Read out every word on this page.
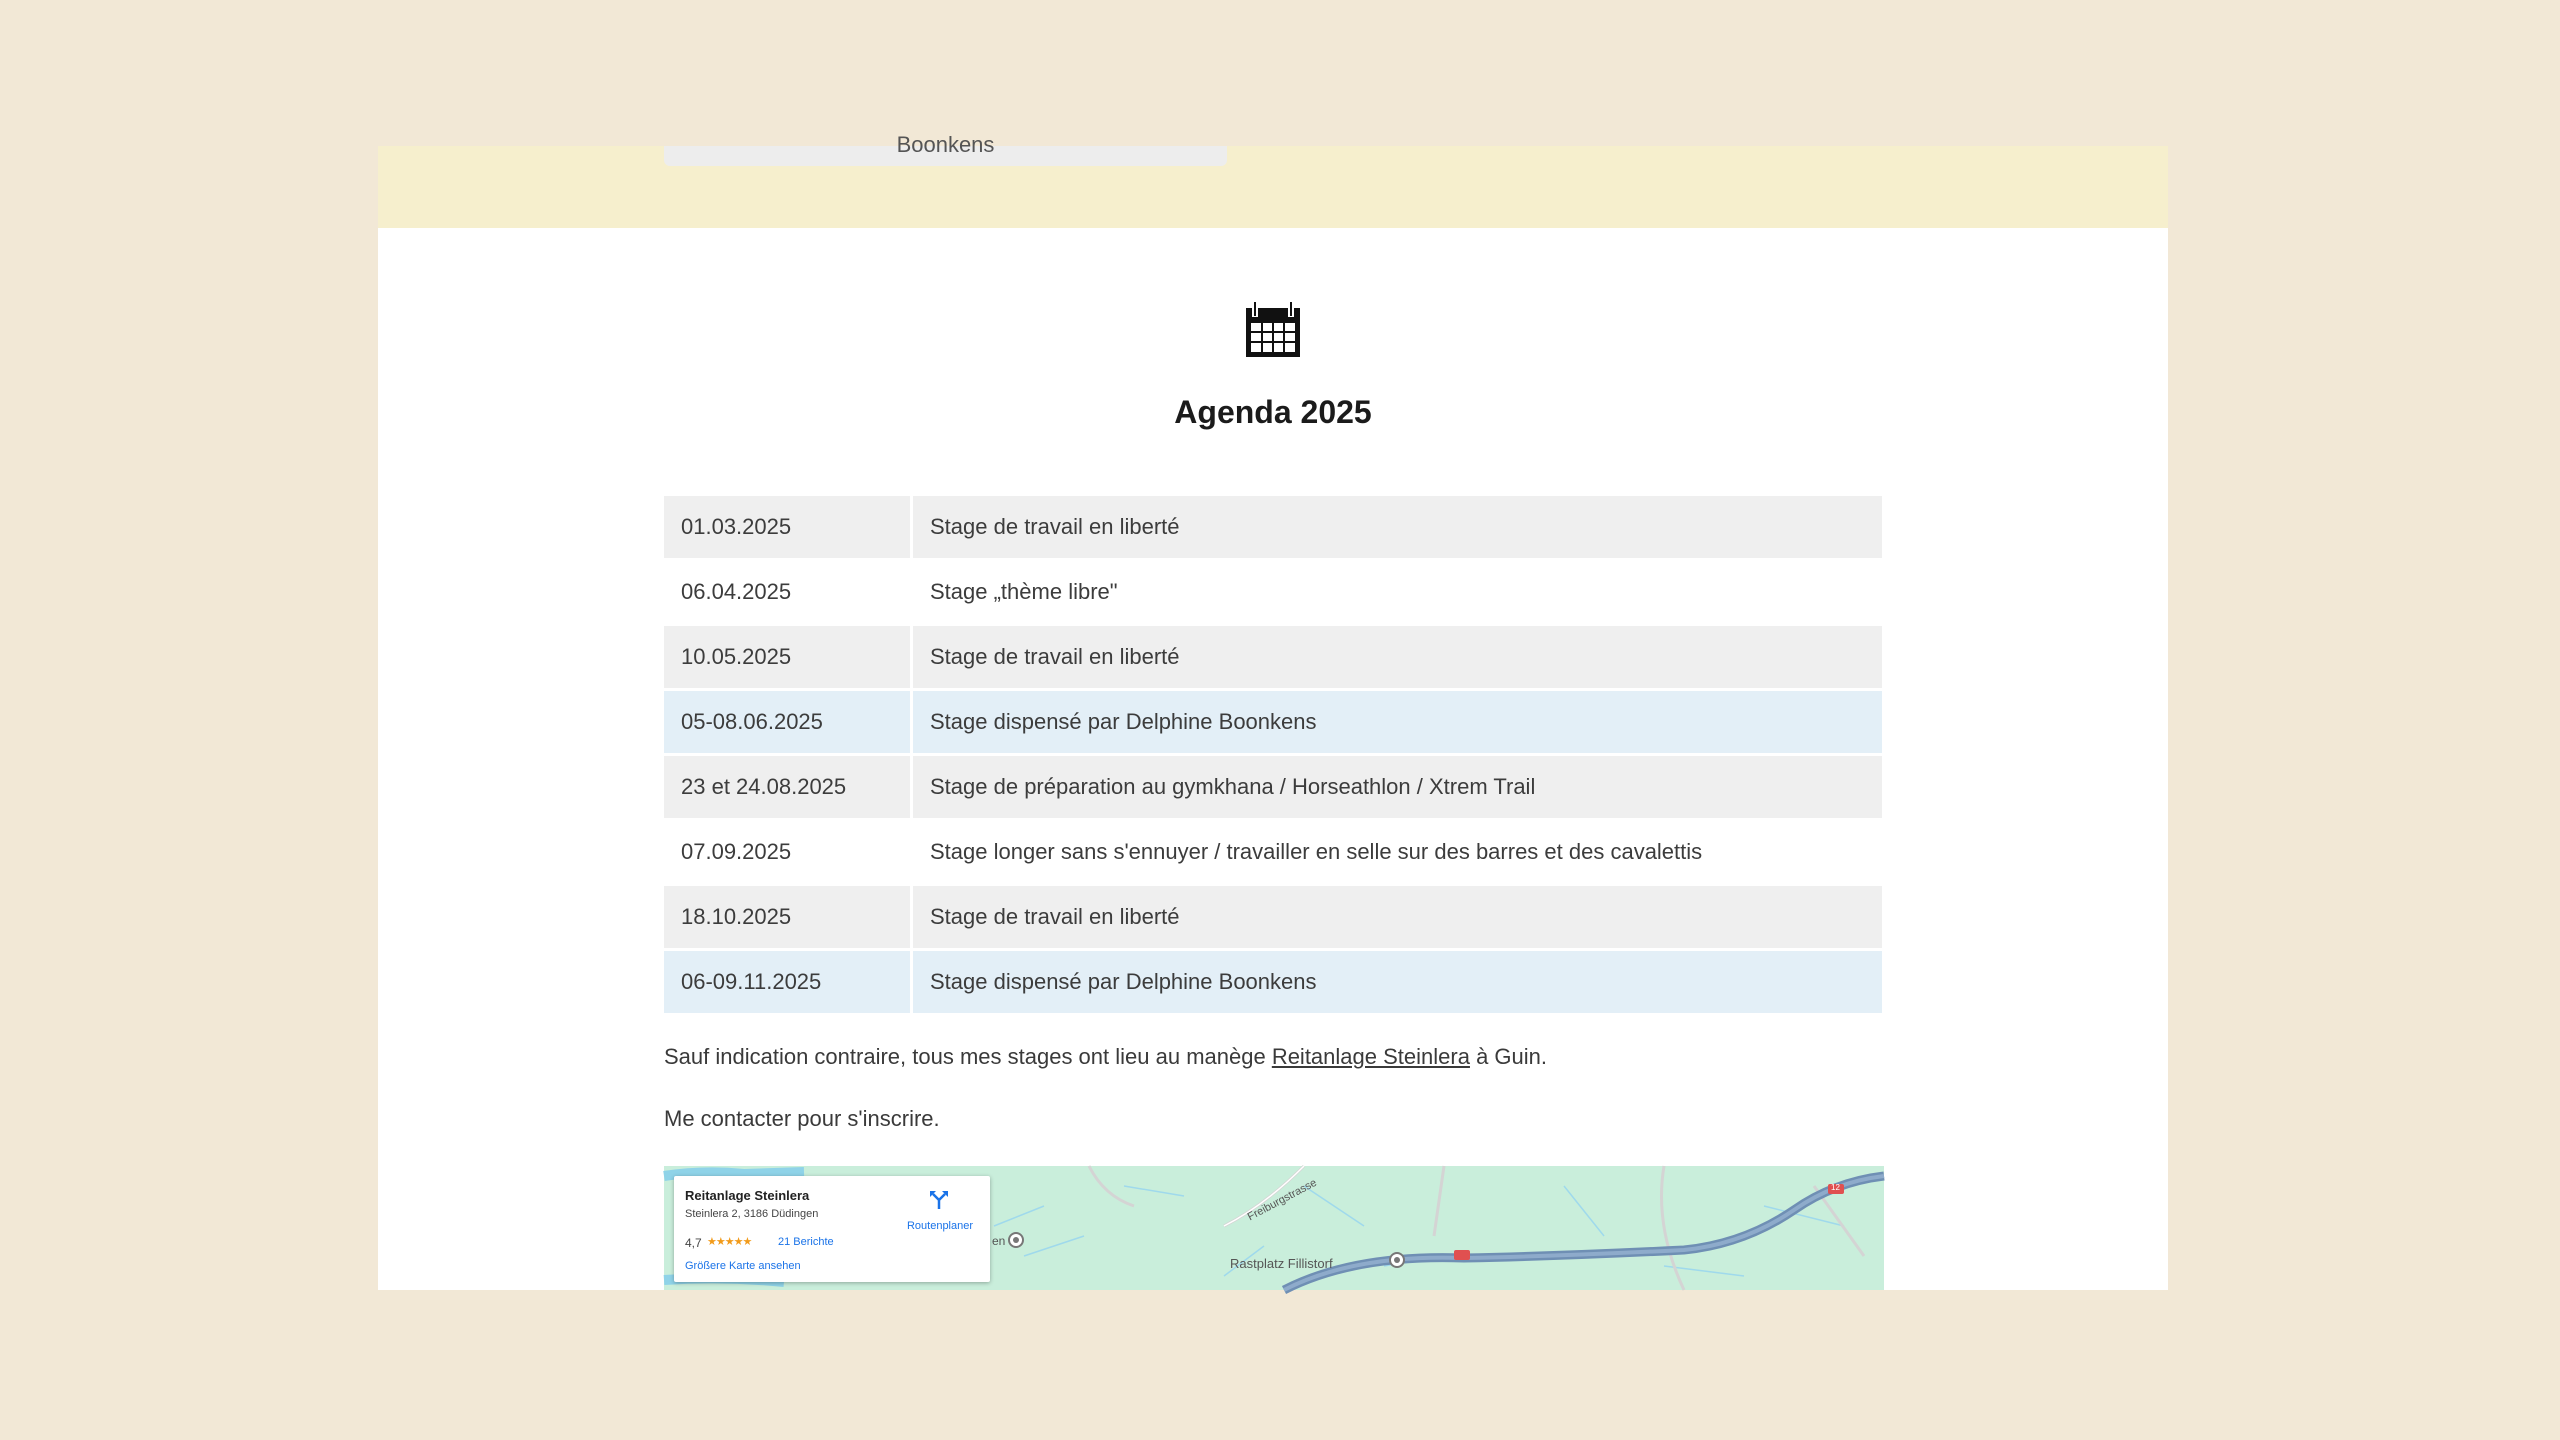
Boonkens
Agenda 2025
01.03.2025	Stage de travail en liberté
06.04.2025	Stage „thème libre"
10.05.2025	Stage de travail en liberté
05-08.06.2025	Stage dispensé par Delphine Boonkens
23 et 24.08.2025	Stage de préparation au gymkhana / Horseathlon / Xtrem Trail
07.09.2025	Stage longer sans s'ennuyer / travailler en selle sur des barres et des cavalettis
18.10.2025	Stage de travail en liberté
06-09.11.2025	Stage dispensé par Delphine Boonkens

Sauf indication contraire, tous mes stages ont lieu au manège Reitanlage Steinlera à Guin.

Me contacter pour s'inscrire.

Rastplatz Fillistorf
Freiburgstrasse
en
12
Reitanlage Steinlera
Steinlera 2, 3186 Düdingen
4,7 ★★★★★ 21 Berichte
Größere Karte ansehen
Routenplaner
